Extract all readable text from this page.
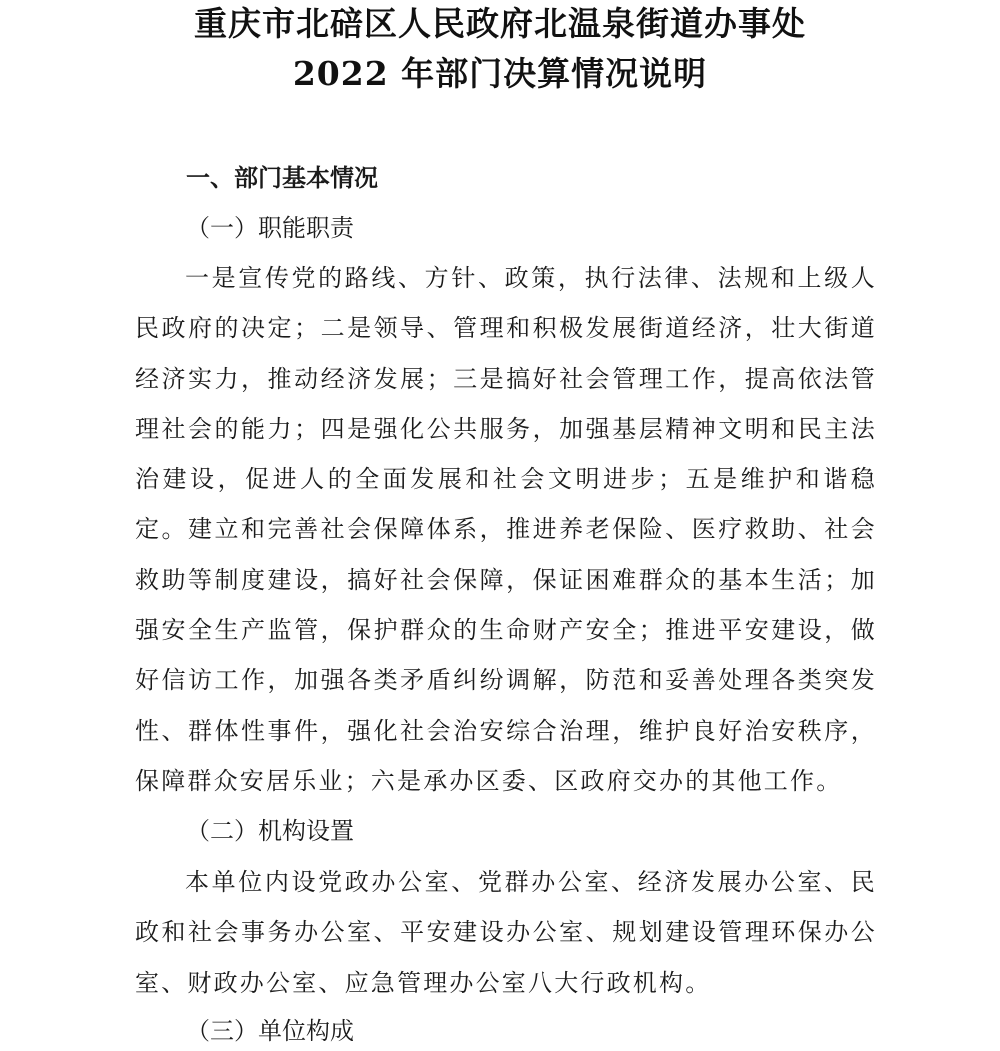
重庆市北碚区人民政府北温泉街道办事处
2022 年部门决算情况说明
一、部门基本情况
（一）职能职责
一是宣传党的路线、方针、政策，执行法律、法规和上级人民政府的决定；二是领导、管理和积极发展街道经济，壮大街道经济实力，推动经济发展；三是搞好社会管理工作，提高依法管理社会的能力；四是强化公共服务，加强基层精神文明和民主法治建设，促进人的全面发展和社会文明进步；五是维护和谐稳定。建立和完善社会保障体系，推进养老保险、医疗救助、社会救助等制度建设，搞好社会保障，保证困难群众的基本生活；加强安全生产监管，保护群众的生命财产安全；推进平安建设，做好信访工作，加强各类矛盾纠纷调解，防范和妥善处理各类突发性、群体性事件，强化社会治安综合治理，维护良好治安秩序，保障群众安居乐业；六是承办区委、区政府交办的其他工作。
（二）机构设置
本单位内设党政办公室、党群办公室、经济发展办公室、民政和社会事务办公室、平安建设办公室、规划建设管理环保办公室、财政办公室、应急管理办公室八大行政机构。
（三）单位构成
